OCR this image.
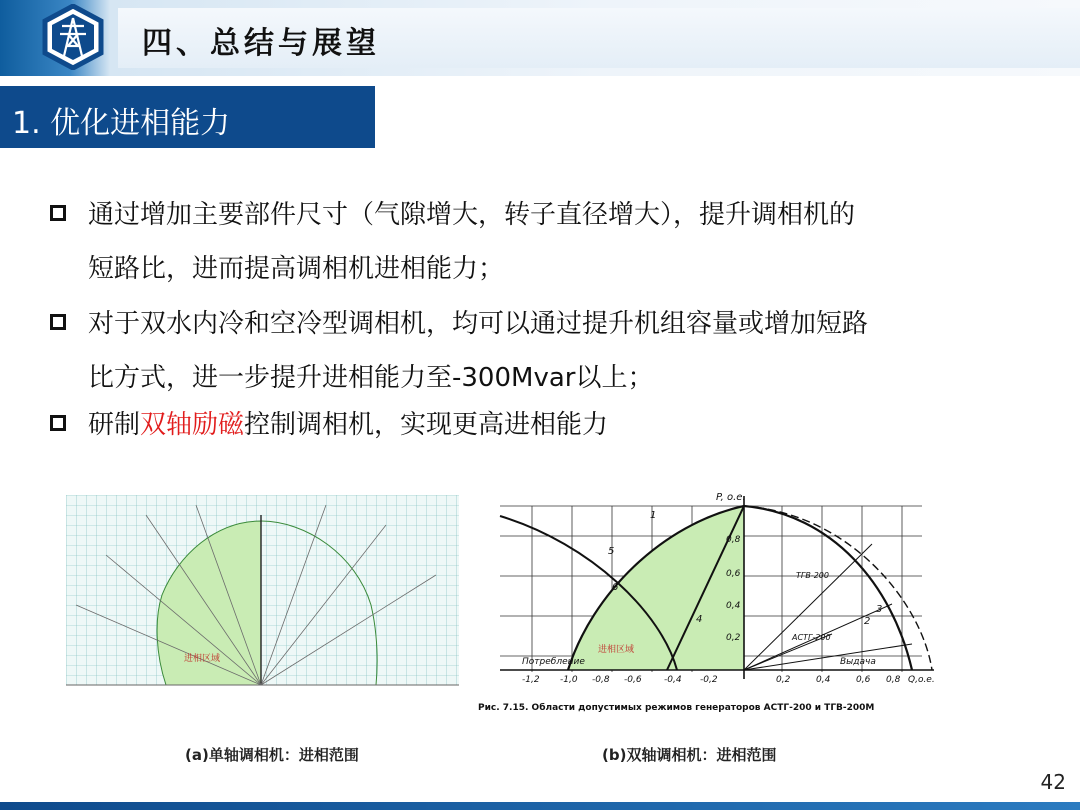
四、总结与展望
1. 优化进相能力
通过增加主要部件尺寸（气隙增大，转子直径增大），提升调相机的
短路比，进而提高调相机进相能力；
对于双水内冷和空冷型调相机，均可以通过提升机组容量或增加短路
比方式，进一步提升进相能力至-300Mvar以上；
研制双轴励磁控制调相机，实现更高进相能力
进相区域
(a)单轴调相机：进相范围
P, o.e.
0,8
0,6
0,4
0,2
-1,2 -1,0 -0,8 -0,6 -0,4 -0,2	0,2	0,4	0,6 0,8 Q,o.e.
进相区域
Потребление	Выдача
1
2
3
4
5
6
ТГВ-200
АСТГ-200
Рис. 7.15. Области допустимых режимов генераторов АСТГ-200 и ТГВ-200М
(b)双轴调相机：进相范围
42
